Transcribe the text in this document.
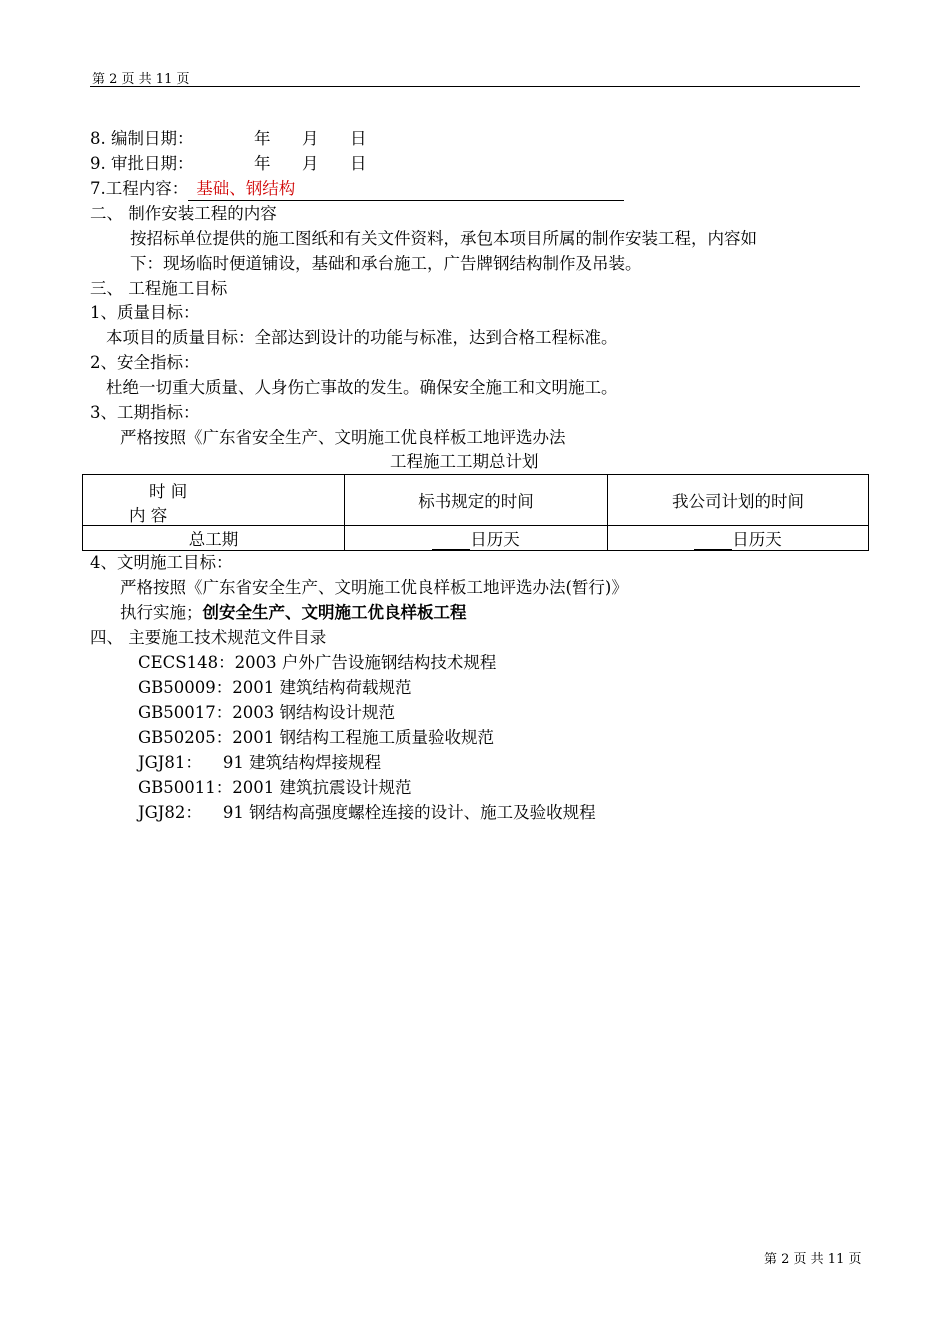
第 2 页 共 11 页
8. 编制日期：	年 月 日
9. 审批日期：	年 月 日
7.工程内容： 基础、钢结构
二、 制作安装工程的内容
按招标单位提供的施工图纸和有关文件资料，承包本项目所属的制作安装工程，内容如
下：现场临时便道铺设，基础和承台施工，广告牌钢结构制作及吊装。
三、 工程施工目标
1、质量目标：
本项目的质量目标：全部达到设计的功能与标准，达到合格工程标准。
2、安全指标：
杜绝一切重大质量、人身伤亡事故的发生。确保安全施工和文明施工。
3、工期指标：
严格按照《广东省安全生产、文明施工优良样板工地评选办法
工程施工工期总计划
时 间
内 容	标书规定的时间	我公司计划的时间
总工期	日历天	日历天
4、文明施工目标：
严格按照《广东省安全生产、文明施工优良样板工地评选办法(暂行)》
执行实施；创安全生产、文明施工优良样板工程
四、 主要施工技术规范文件目录
CECS148：2003 户外广告设施钢结构技术规程
GB50009：2001 建筑结构荷载规范
GB50017：2003 钢结构设计规范
GB50205：2001 钢结构工程施工质量验收规范
JGJ81：    91 建筑结构焊接规程
GB50011：2001 建筑抗震设计规范
JGJ82：    91 钢结构高强度螺栓连接的设计、施工及验收规程
第 2 页 共 11 页
